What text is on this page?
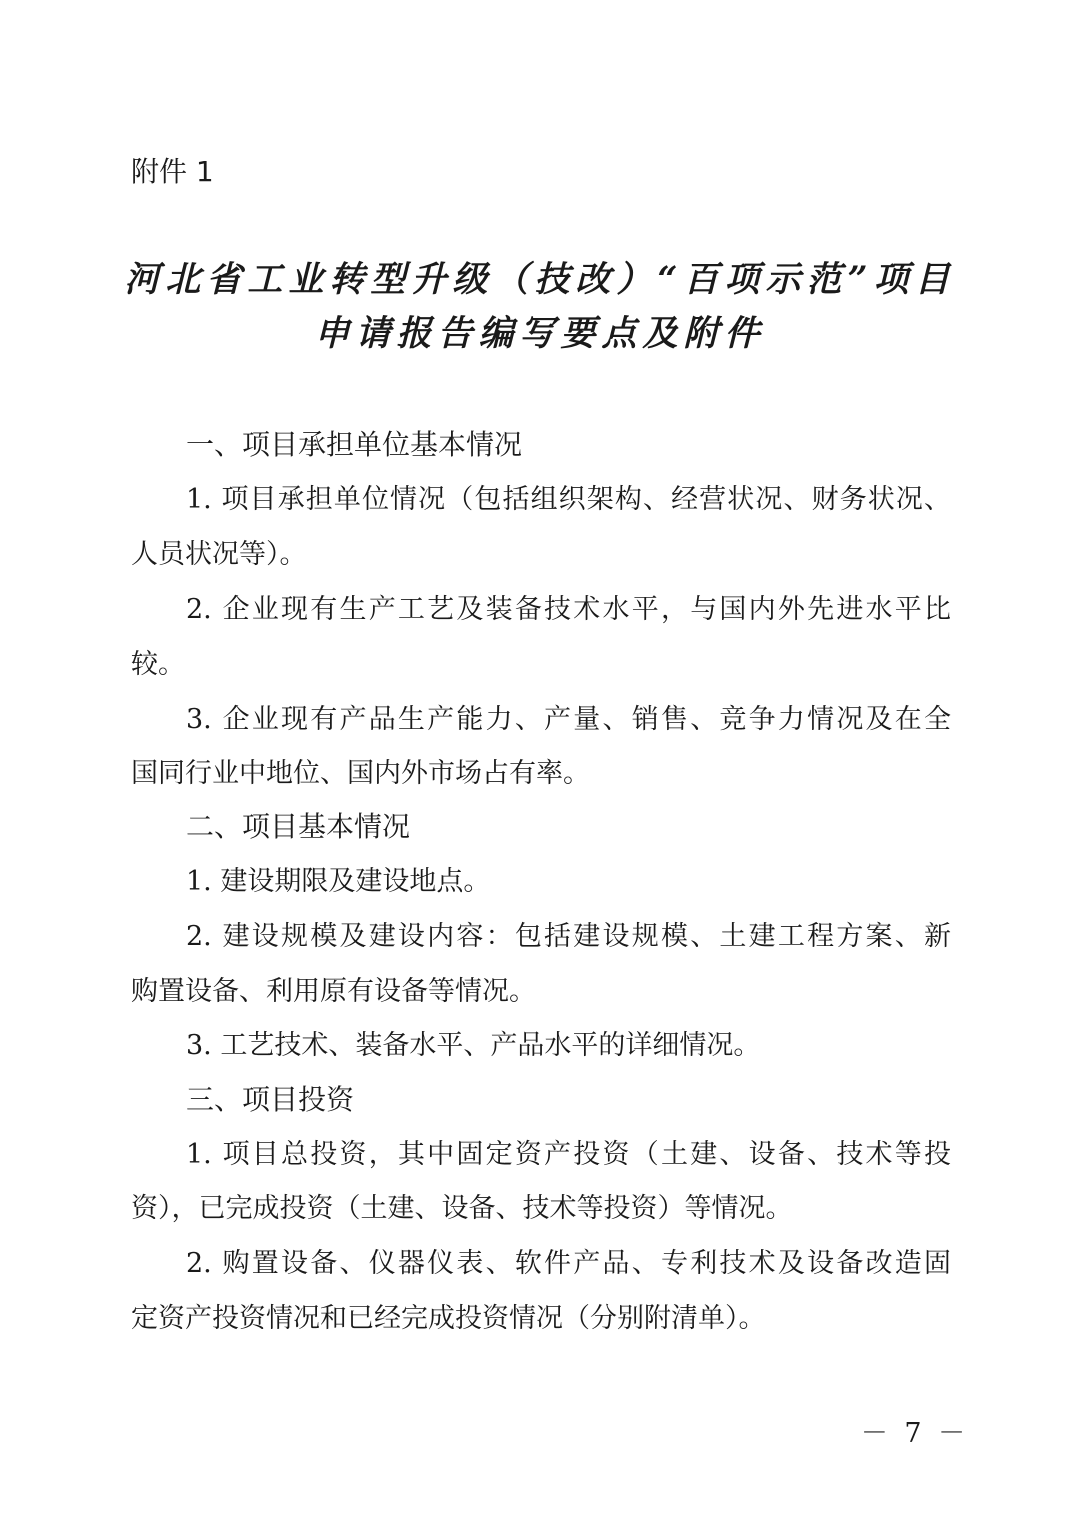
附件 1
河北省工业转型升级（技改）“百项示范”项目
申请报告编写要点及附件
一、项目承担单位基本情况
1. 项目承担单位情况（包括组织架构、经营状况、财务状况、
人员状况等）。
2. 企业现有生产工艺及装备技术水平，与国内外先进水平比
较。
3. 企业现有产品生产能力、产量、销售、竞争力情况及在全
国同行业中地位、国内外市场占有率。
二、项目基本情况
1. 建设期限及建设地点。
2. 建设规模及建设内容：包括建设规模、土建工程方案、新
购置设备、利用原有设备等情况。
3. 工艺技术、装备水平、产品水平的详细情况。
三、项目投资
1. 项目总投资，其中固定资产投资（土建、设备、技术等投
资），已完成投资（土建、设备、技术等投资）等情况。
2. 购置设备、仪器仪表、软件产品、专利技术及设备改造固
定资产投资情况和已经完成投资情况（分别附清单）。
－ 7 －
